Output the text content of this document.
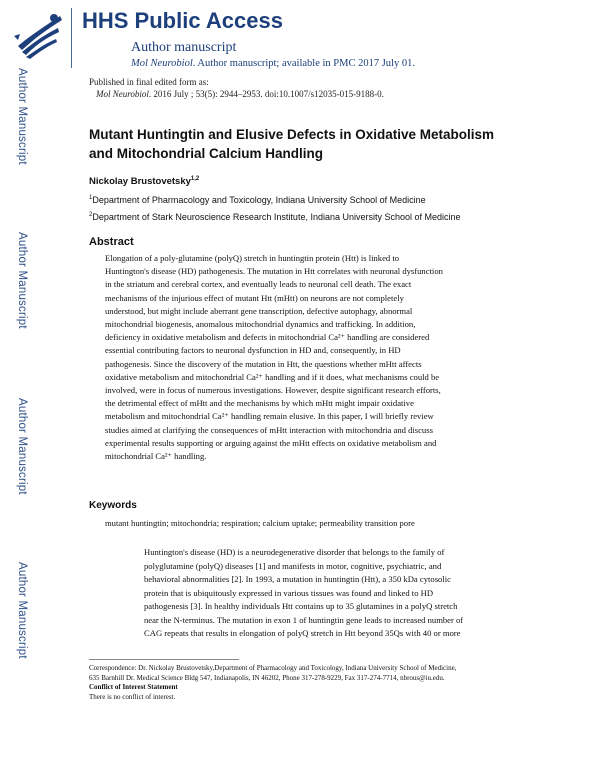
HHS Public Access
Author manuscript
Mol Neurobiol. Author manuscript; available in PMC 2017 July 01.
Author Manuscript
Author Manuscript
Author Manuscript
Author Manuscript
Published in final edited form as:
Mol Neurobiol. 2016 July ; 53(5): 2944–2953. doi:10.1007/s12035-015-9188-0.
Mutant Huntingtin and Elusive Defects in Oxidative Metabolism and Mitochondrial Calcium Handling
Nickolay Brustovetsky$^{1,2}$
$^1$Department of Pharmacology and Toxicology, Indiana University School of Medicine
$^2$Department of Stark Neuroscience Research Institute, Indiana University School of Medicine
Abstract
Elongation of a poly-glutamine (polyQ) stretch in huntingtin protein (Htt) is linked to
Huntington's disease (HD) pathogenesis. The mutation in Htt correlates with neuronal dysfunction
in the striatum and cerebral cortex, and eventually leads to neuronal cell death. The exact
mechanisms of the injurious effect of mutant Htt (mHtt) on neurons are not completely
understood, but might include aberrant gene transcription, defective autophagy, abnormal
mitochondrial biogenesis, anomalous mitochondrial dynamics and trafficking. In addition,
deficiency in oxidative metabolism and defects in mitochondrial Ca²⁺ handling are considered
essential contributing factors to neuronal dysfunction in HD and, consequently, in HD
pathogenesis. Since the discovery of the mutation in Htt, the questions whether mHtt affects
oxidative metabolism and mitochondrial Ca²⁺ handling and if it does, what mechanisms could be
involved, were in focus of numerous investigations. However, despite significant research efforts,
the detrimental effect of mHtt and the mechanisms by which mHtt might impair oxidative
metabolism and mitochondrial Ca²⁺ handling remain elusive. In this paper, I will briefly review
studies aimed at clarifying the consequences of mHtt interaction with mitochondria and discuss
experimental results supporting or arguing against the mHtt effects on oxidative metabolism and
mitochondrial Ca²⁺ handling.
Keywords
mutant huntingtin; mitochondria; respiration; calcium uptake; permeability transition pore
Huntington's disease (HD) is a neurodegenerative disorder that belongs to the family of
polyglutamine (polyQ) diseases [1] and manifests in motor, cognitive, psychiatric, and
behavioral abnormalities [2]. In 1993, a mutation in huntingtin (Htt), a 350 kDa cytosolic
protein that is ubiquitously expressed in various tissues was found and linked to HD
pathogenesis [3]. In healthy individuals Htt contains up to 35 glutamines in a polyQ stretch
near the N-terminus. The mutation in exon 1 of huntingtin gene leads to increased number of
CAG repeats that results in elongation of polyQ stretch in Htt beyond 35Qs with 40 or more
Correspondence: Dr. Nickolay Brustovetsky,Department of Pharmacology and Toxicology, Indiana University School of Medicine,
635 Barnhill Dr. Medical Science Bldg 547, Indianapolis, IN 46202, Phone 317-278-9229, Fax 317-274-7714, nbrous@iu.edu.
Conflict of Interest Statement
There is no conflict of interest.
